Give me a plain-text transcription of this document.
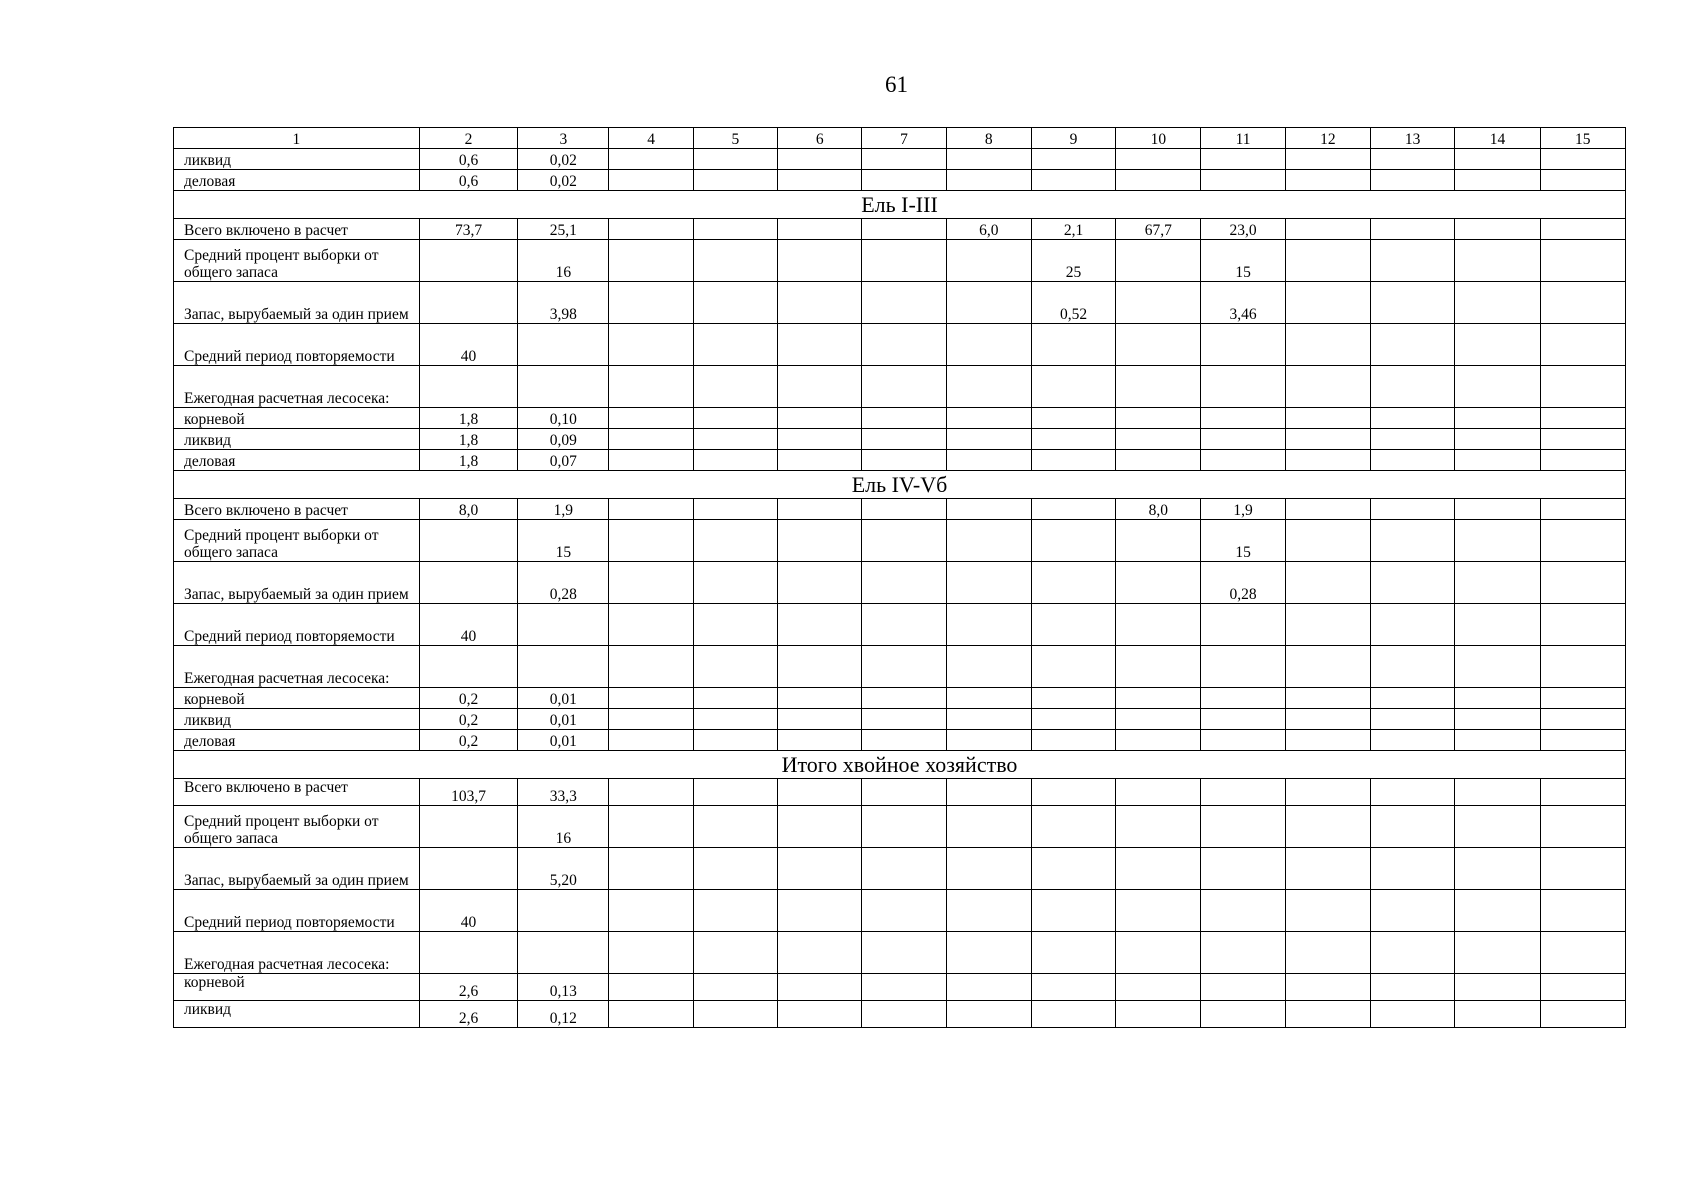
61
1	2	3	4	5	6	7	8	9	10	11	12	13	14	15
ликвид	0,6	0,02												
деловая	0,6	0,02												
Ель I-III														
Всего включено в расчет	73,7	25,1					6,0	2,1	67,7	23,0				
Средний процент выборки от общего запаса		16						25		15				
Запас, вырубаемый за один прием		3,98						0,52		3,46				
Средний период повторяемости	40													
Ежегодная расчетная лесосека:														
корневой	1,8	0,10												
ликвид	1,8	0,09												
деловая	1,8	0,07												
Ель IV-Vб														
Всего включено в расчет	8,0	1,9							8,0	1,9				
Средний процент выборки от общего запаса		15								15				
Запас, вырубаемый за один прием		0,28								0,28				
Средний период повторяемости	40													
Ежегодная расчетная лесосека:														
корневой	0,2	0,01												
ликвид	0,2	0,01												
деловая	0,2	0,01												
Итого хвойное хозяйство														
Всего включено в расчет	103,7	33,3												
Средний процент выборки от общего запаса		16												
Запас, вырубаемый за один прием		5,20												
Средний период повторяемости	40													
Ежегодная расчетная лесосека:														
корневой	2,6	0,13												
ликвид	2,6	0,12												
